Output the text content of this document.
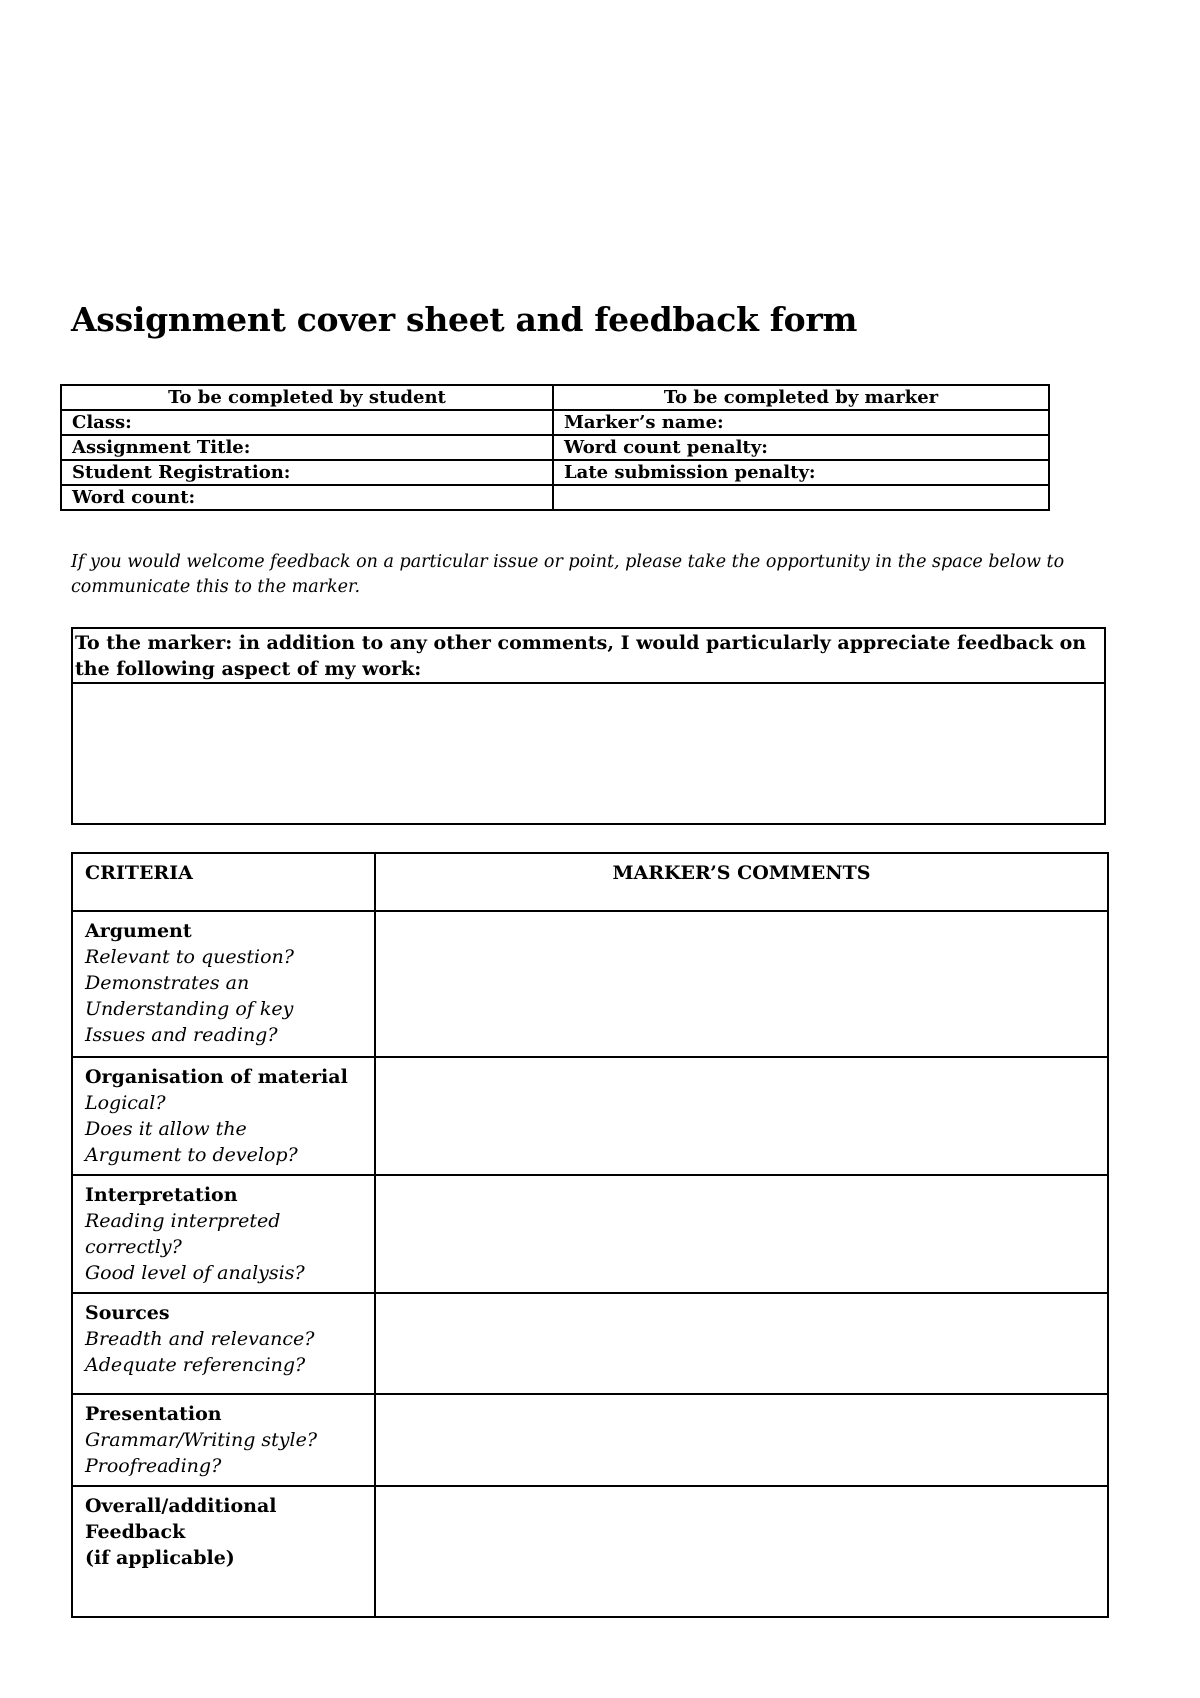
Assignment cover sheet and feedback form
To be completed by student	To be completed by marker
Class:	Marker’s name:
Assignment Title:	Word count penalty:
Student Registration:	Late submission penalty:
Word count:	

If you would welcome feedback on a particular issue or point, please take the opportunity in the space below to communicate this to the marker.

To the marker: in addition to any other comments, I would particularly appreciate feedback on the following aspect of my work:
CRITERIA	MARKER’S COMMENTS

Argument
Relevant to question?
Demonstrates an
Understanding of key
Issues and reading?	

Organisation of material
Logical?
Does it allow the
Argument to develop?	

Interpretation
Reading interpreted
correctly?
Good level of analysis?	

Sources
Breadth and relevance?
Adequate referencing?	

Presentation
Grammar/Writing style?
Proofreading?	

Overall/additional
Feedback
(if applicable)	
